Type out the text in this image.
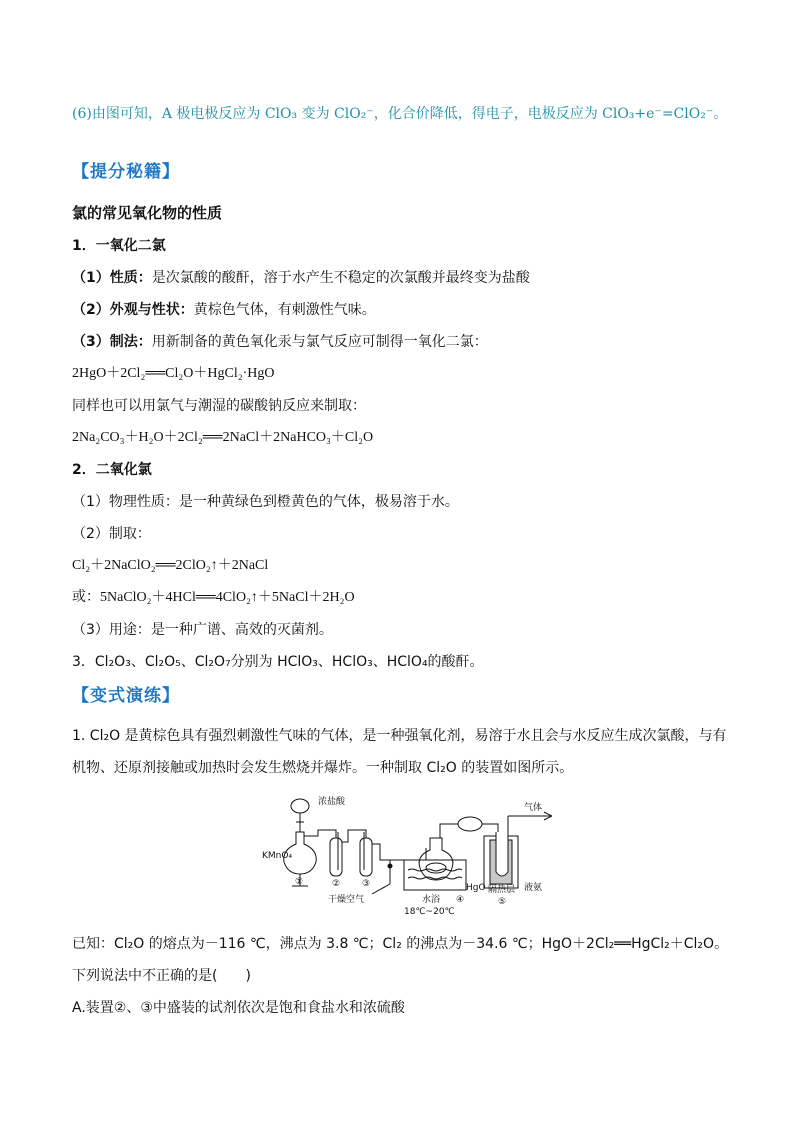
(6)由图可知，A 极电极反应为 ClO₃ 变为 ClO₂⁻，化合价降低，得电子，电极反应为 ClO₃+e⁻=ClO₂⁻。
【提分秘籍】
氯的常见氧化物的性质
1．一氧化二氯
（1）性质：是次氯酸的酸酐，溶于水产生不稳定的次氯酸并最终变为盐酸
（2）外观与性状：黄棕色气体，有刺激性气味。
（3）制法：用新制备的黄色氧化汞与氯气反应可制得一氧化二氯：
2HgO＋2Cl₂══Cl₂O＋HgCl₂·HgO
同样也可以用氯气与潮湿的碳酸钠反应来制取：
2Na₂CO₃＋H₂O＋2Cl₂══2NaCl＋2NaHCO₃＋Cl₂O
2．二氧化氯
（1）物理性质：是一种黄绿色到橙黄色的气体，极易溶于水。
（2）制取：
Cl₂＋2NaClO₂══2ClO₂↑＋2NaCl
或：5NaClO₂＋4HCl══4ClO₂↑＋5NaCl＋2H₂O
（3）用途：是一种广谱、高效的灭菌剂。
3．Cl₂O₃、Cl₂O₅、Cl₂O₇分别为 HClO₃、HClO₃、HClO₄的酸酐。
【变式演练】
1. Cl₂O 是黄棕色具有强烈刺激性气味的气体，是一种强氧化剂，易溶于水且会与水反应生成次氯酸，与有
机物、还原剂接触或加热时会发生燃烧并爆炸。一种制取 Cl₂O 的装置如图所示。
浓盐酸
KMnO₄
气体
HgO 隔热层 液氨
干燥空气	水浴
18℃~20℃
①	② ③
④	⑤
已知：Cl₂O 的熔点为－116 ℃，沸点为 3.8 ℃；Cl₂ 的沸点为－34.6 ℃；HgO＋2Cl₂══HgCl₂＋Cl₂O。
下列说法中不正确的是(　　)
A.装置②、③中盛装的试剂依次是饱和食盐水和浓硫酸
